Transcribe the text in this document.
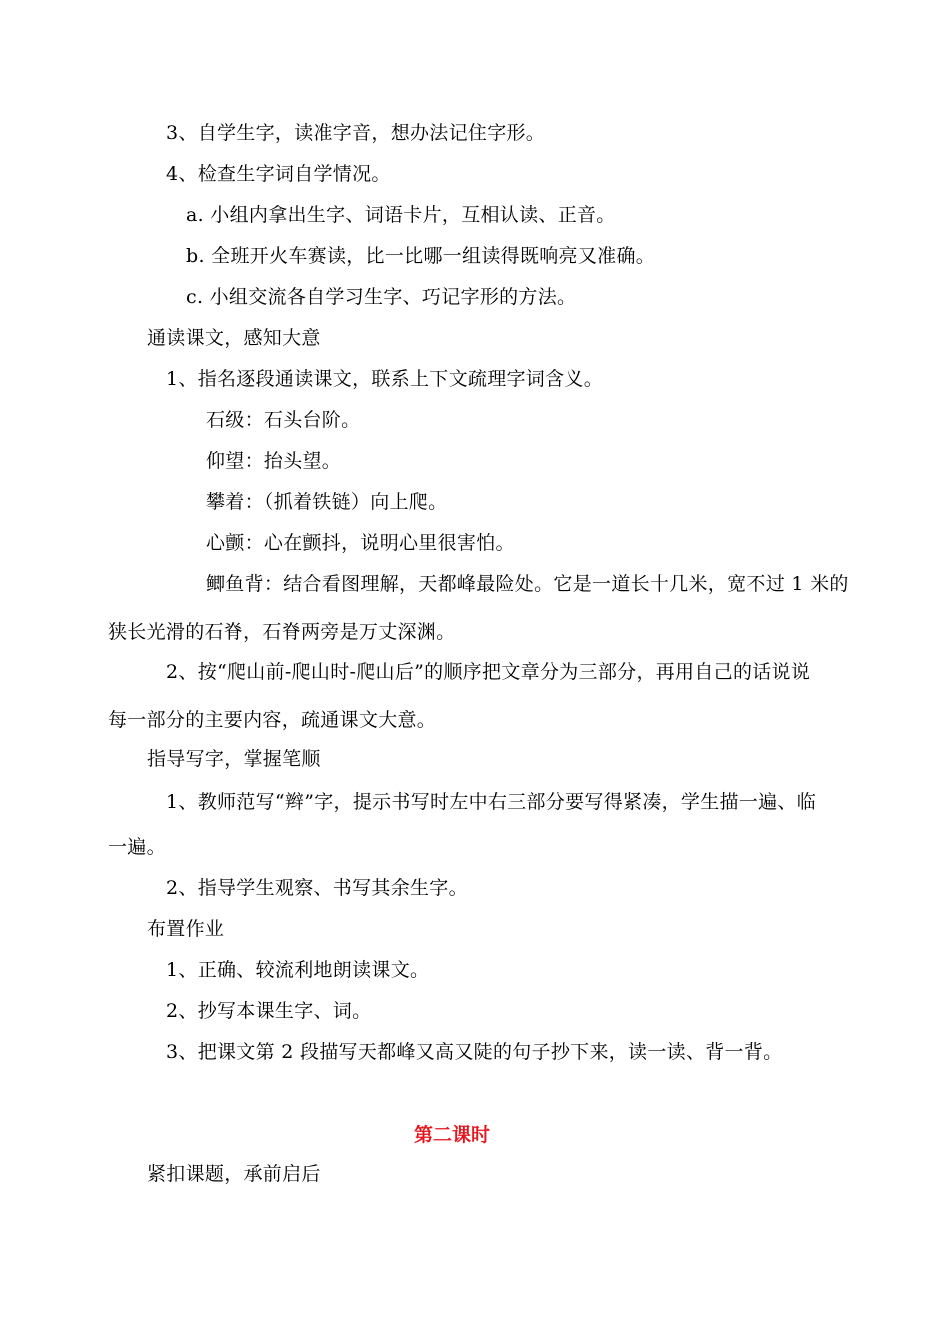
3、自学生字，读准字音，想办法记住字形。
4、检查生字词自学情况。
a. 小组内拿出生字、词语卡片，互相认读、正音。
b. 全班开火车赛读，比一比哪一组读得既响亮又准确。
c. 小组交流各自学习生字、巧记字形的方法。
通读课文，感知大意
1、指名逐段通读课文，联系上下文疏理字词含义。
石级：石头台阶。
仰望：抬头望。
攀着：（抓着铁链）向上爬。
心颤：心在颤抖，说明心里很害怕。
鲫鱼背：结合看图理解，天都峰最险处。它是一道长十几米，宽不过 1 米的
狭长光滑的石脊，石脊两旁是万丈深渊。
2、按“爬山前-爬山时-爬山后”的顺序把文章分为三部分，再用自己的话说说
每一部分的主要内容，疏通课文大意。
指导写字，掌握笔顺
1、教师范写“辫”字，提示书写时左中右三部分要写得紧凑，学生描一遍、临
一遍。
2、指导学生观察、书写其余生字。
布置作业
1、正确、较流利地朗读课文。
2、抄写本课生字、词。
3、把课文第 2 段描写天都峰又高又陡的句子抄下来，读一读、背一背。
第二课时
紧扣课题，承前启后
